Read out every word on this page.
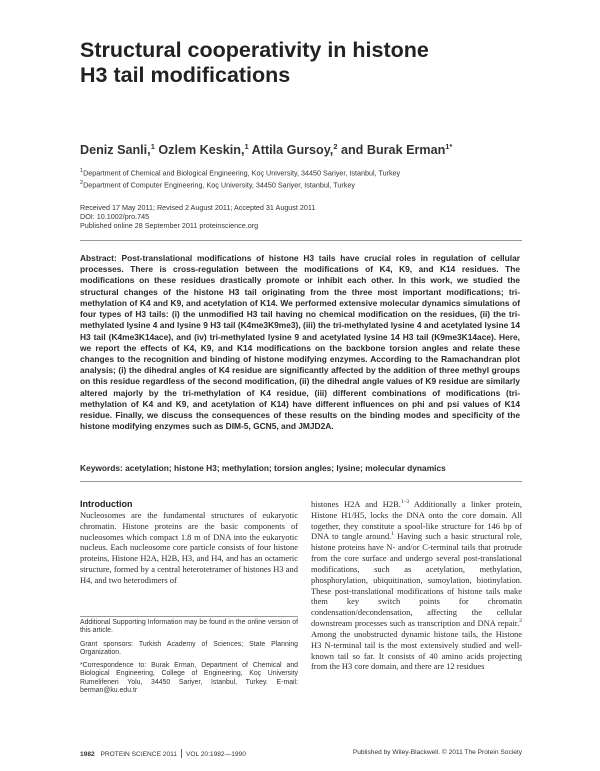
Structural cooperativity in histone
H3 tail modifications
Deniz Sanli,$^1$ Ozlem Keskin,$^1$ Attila Gursoy,$^2$ and Burak Erman$^{1*}$
$^1$Department of Chemical and Biological Engineering, Koç University, 34450 Sariyer, Istanbul, Turkey
$^2$Department of Computer Engineering, Koç University, 34450 Sariyer, Istanbul, Turkey
Received 17 May 2011; Revised 2 August 2011; Accepted 31 August 2011
DOI: 10.1002/pro.745
Published online 28 September 2011 proteinscience.org
Abstract: Post-translational modifications of histone H3 tails have crucial roles in regulation of cellular processes. There is cross-regulation between the modifications of K4, K9, and K14 residues. The modifications on these residues drastically promote or inhibit each other. In this work, we studied the structural changes of the histone H3 tail originating from the three most important modifications; tri-methylation of K4 and K9, and acetylation of K14. We performed extensive molecular dynamics simulations of four types of H3 tails: (i) the unmodified H3 tail having no chemical modification on the residues, (ii) the tri-methylated lysine 4 and lysine 9 H3 tail (K4me3K9me3), (iii) the tri-methylated lysine 4 and acetylated lysine 14 H3 tail (K4me3K14ace), and (iv) tri-methylated lysine 9 and acetylated lysine 14 H3 tail (K9me3K14ace). Here, we report the effects of K4, K9, and K14 modifications on the backbone torsion angles and relate these changes to the recognition and binding of histone modifying enzymes. According to the Ramachandran plot analysis; (i) the dihedral angles of K4 residue are significantly affected by the addition of three methyl groups on this residue regardless of the second modification, (ii) the dihedral angle values of K9 residue are similarly altered majorly by the tri-methylation of K4 residue, (iii) different combinations of modifications (tri-methylation of K4 and K9, and acetylation of K14) have different influences on phi and psi values of K14 residue. Finally, we discuss the consequences of these results on the binding modes and specificity of the histone modifying enzymes such as DIM-5, GCN5, and JMJD2A.
Keywords: acetylation; histone H3; methylation; torsion angles; lysine; molecular dynamics
Introduction
Nucleosomes are the fundamental structures of eukaryotic chromatin. Histone proteins are the basic components of nucleosomes which compact 1.8 m of DNA into the eukaryotic nucleus. Each nucleosome core particle consists of four histone proteins, Histone H2A, H2B, H3, and H4, and has an octameric structure, formed by a central heterotetramer of histones H3 and H4, and two heterodimers of
Additional Supporting Information may be found in the online version of this article.
Grant sponsors: Turkish Academy of Sciences; State Planning Organization.
*Correspondence to: Burak Erman, Department of Chemical and Biological Engineering, College of Engineering, Koç University Rumelifeneri Yolu, 34450 Sariyer, Istanbul, Turkey. E-mail: berman@ku.edu.tr
histones H2A and H2B.$^{1-3}$ Additionally a linker protein, Histone H1/H5, locks the DNA onto the core domain. All together, they constitute a spool-like structure for 146 bp of DNA to tangle around.$^1$ Having such a basic structural role, histone proteins have N- and/or C-terminal tails that protrude from the core surface and undergo several post-translational modifications, such as acetylation, methylation, phosphorylation, ubiquitination, sumoylation, biotinylation. These post-translational modifications of histone tails make them key switch points for chromatin condensation/decondensation, affecting the cellular downstream processes such as transcription and DNA repair.$^2$ Among the unobstructed dynamic histone tails, the Histone H3 N-terminal tail is the most extensively studied and well-known tail so far. It consists of 40 amino acids projecting from the H3 core domain, and there are 12 residues
1982 PROTEIN SCIENCE 2011 VOL 20:1982—1990	Published by Wiley-Blackwell. © 2011 The Protein Society
